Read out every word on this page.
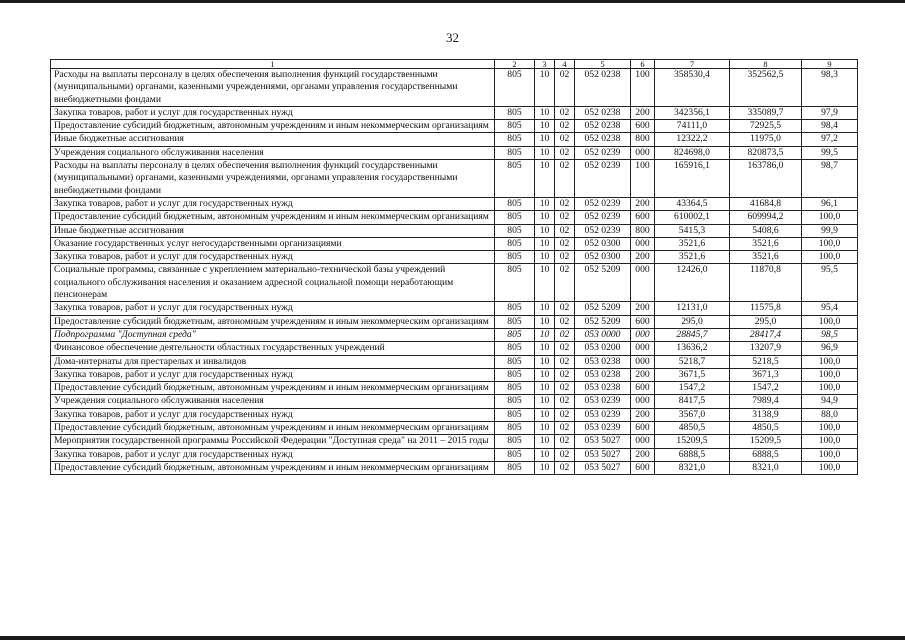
32
1	2	3	4	5	6	7	8	9
Расходы на выплаты персоналу в целях обеспечения выполнения функций государственными (муниципальными) органами, казенными учреждениями, органами управления государственными внебюджетными фондами	805	10	02	052 0238	100	358530,4	352562,5	98,3
Закупка товаров, работ и услуг для государственных нужд	805	10	02	052 0238	200	342356,1	335089,7	97,9
Предоставление субсидий бюджетным, автономным учреждениям и иным некоммерческим организациям	805	10	02	052 0238	600	74111,0	72925,5	98,4
Иные бюджетные ассигнования	805	10	02	052 0238	800	12322,2	11975,0	97,2
Учреждения социального обслуживания населения	805	10	02	052 0239	000	824698,0	820873,5	99,5
Расходы на выплаты персоналу в целях обеспечения выполнения функций государственными (муниципальными) органами, казенными учреждениями, органами управления государственными внебюджетными фондами	805	10	02	052 0239	100	165916,1	163786,0	98,7
Закупка товаров, работ и услуг для государственных нужд	805	10	02	052 0239	200	43364,5	41684,8	96,1
Предоставление субсидий бюджетным, автономным учреждениям и иным некоммерческим организациям	805	10	02	052 0239	600	610002,1	609994,2	100,0
Иные бюджетные ассигнования	805	10	02	052 0239	800	5415,3	5408,6	99,9
Оказание государственных услуг негосударственными организациями	805	10	02	052 0300	000	3521,6	3521,6	100,0
Закупка товаров, работ и услуг для государственных нужд	805	10	02	052 0300	200	3521,6	3521,6	100,0
Социальные программы, связанные с укреплением материально-технической базы учреждений социального обслуживания населения и оказанием адресной социальной помощи неработающим пенсионерам	805	10	02	052 5209	000	12426,0	11870,8	95,5
Закупка товаров, работ и услуг для государственных нужд	805	10	02	052 5209	200	12131,0	11575,8	95,4
Предоставление субсидий бюджетным, автономным учреждениям и иным некоммерческим организациям	805	10	02	052 5209	600	295,0	295,0	100,0
Подпрограмма "Доступная среда"	805	10	02	053 0000	000	28845,7	28417,4	98,5
Финансовое обеспечение деятельности областных государственных учреждений	805	10	02	053 0200	000	13636,2	13207,9	96,9
Дома-интернаты для престарелых и инвалидов	805	10	02	053 0238	000	5218,7	5218,5	100,0
Закупка товаров, работ и услуг для государственных нужд	805	10	02	053 0238	200	3671,5	3671,3	100,0
Предоставление субсидий бюджетным, автономным учреждениям и иным некоммерческим организациям	805	10	02	053 0238	600	1547,2	1547,2	100,0
Учреждения социального обслуживания населения	805	10	02	053 0239	000	8417,5	7989,4	94,9
Закупка товаров, работ и услуг для государственных нужд	805	10	02	053 0239	200	3567,0	3138,9	88,0
Предоставление субсидий бюджетным, автономным учреждениям и иным некоммерческим организациям	805	10	02	053 0239	600	4850,5	4850,5	100,0
Мероприятия государственной программы Российской Федерации "Доступная среда" на 2011 – 2015 годы	805	10	02	053 5027	000	15209,5	15209,5	100,0
Закупка товаров, работ и услуг для государственных нужд	805	10	02	053 5027	200	6888,5	6888,5	100,0
Предоставление субсидий бюджетным, автономным учреждениям и иным некоммерческим организациям	805	10	02	053 5027	600	8321,0	8321,0	100,0
